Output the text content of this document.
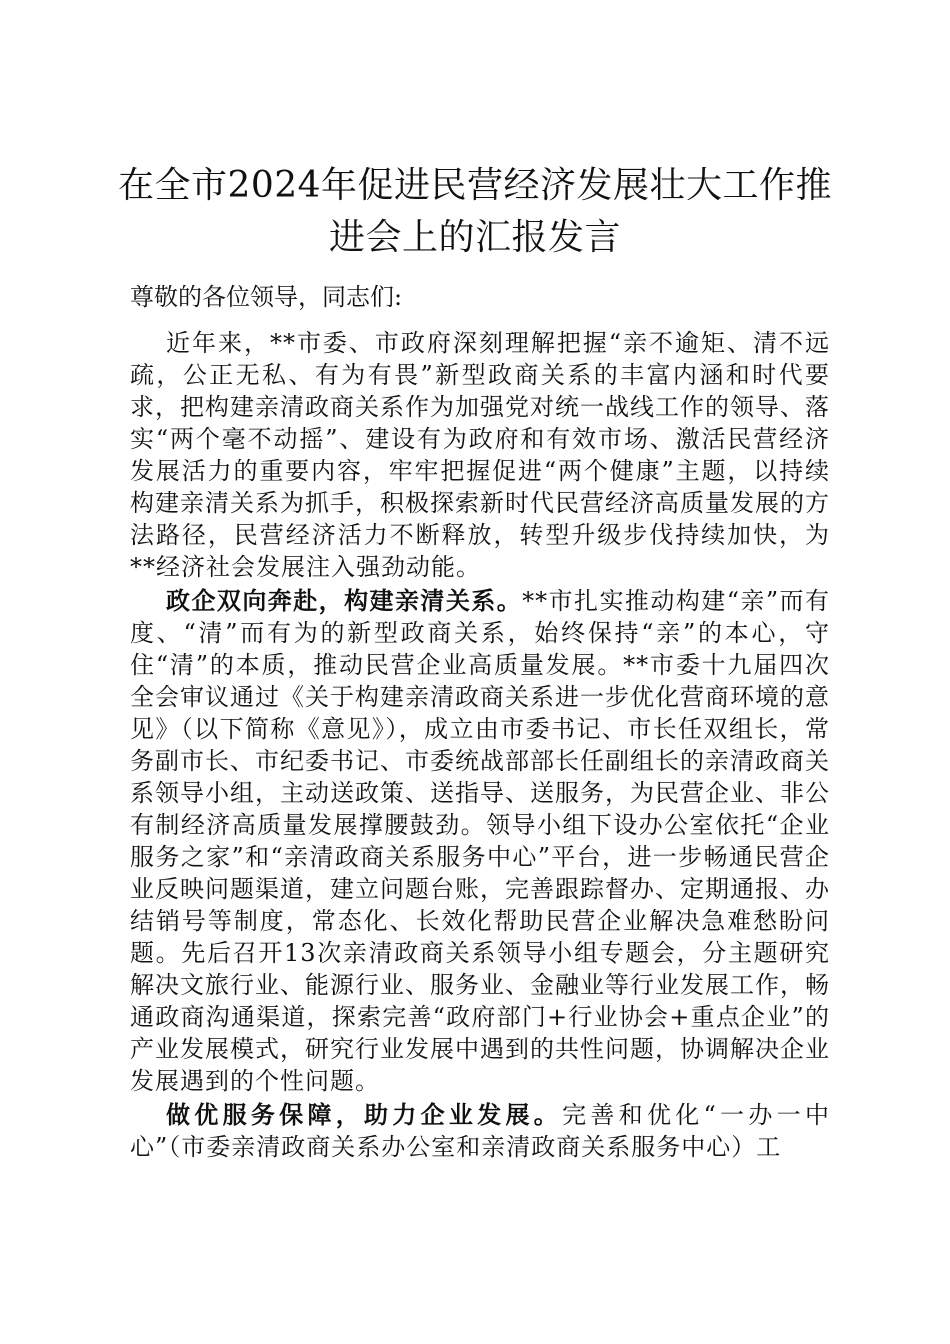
在全市2024年促进民营经济发展壮大工作推进会上的汇报发言

尊敬的各位领导，同志们:

近年来，**市委、市政府深刻理解把握“亲不逾矩、清不远疏，公正无私、有为有畏”新型政商关系的丰富内涵和时代要求，把构建亲清政商关系作为加强党对统一战线工作的领导、落实“两个毫不动摇”、建设有为政府和有效市场、激活民营经济发展活力的重要内容，牢牢把握促进“两个健康”主题，以持续构建亲清关系为抓手，积极探索新时代民营经济高质量发展的方法路径，民营经济活力不断释放，转型升级步伐持续加快，为**经济社会发展注入强劲动能。

政企双向奔赴，构建亲清关系。**市扎实推动构建“亲”而有度、“清”而有为的新型政商关系，始终保持“亲”的本心，守住“清”的本质，推动民营企业高质量发展。**市委十九届四次全会审议通过《关于构建亲清政商关系进一步优化营商环境的意见》（以下简称《意见》），成立由市委书记、市长任双组长，常务副市长、市纪委书记、市委统战部部长任副组长的亲清政商关系领导小组，主动送政策、送指导、送服务，为民营企业、非公有制经济高质量发展撑腰鼓劲。领导小组下设办公室依托“企业服务之家”和“亲清政商关系服务中心”平台，进一步畅通民营企业反映问题渠道，建立问题台账，完善跟踪督办、定期通报、办结销号等制度，常态化、长效化帮助民营企业解决急难愁盼问题。先后召开13次亲清政商关系领导小组专题会，分主题研究解决文旅行业、能源行业、服务业、金融业等行业发展工作，畅通政商沟通渠道，探索完善“政府部门+行业协会+重点企业”的产业发展模式，研究行业发展中遇到的共性问题，协调解决企业发展遇到的个性问题。

做优服务保障，助力企业发展。完善和优化“一办一中心”（市委亲清政商关系办公室和亲清政商关系服务中心）工
